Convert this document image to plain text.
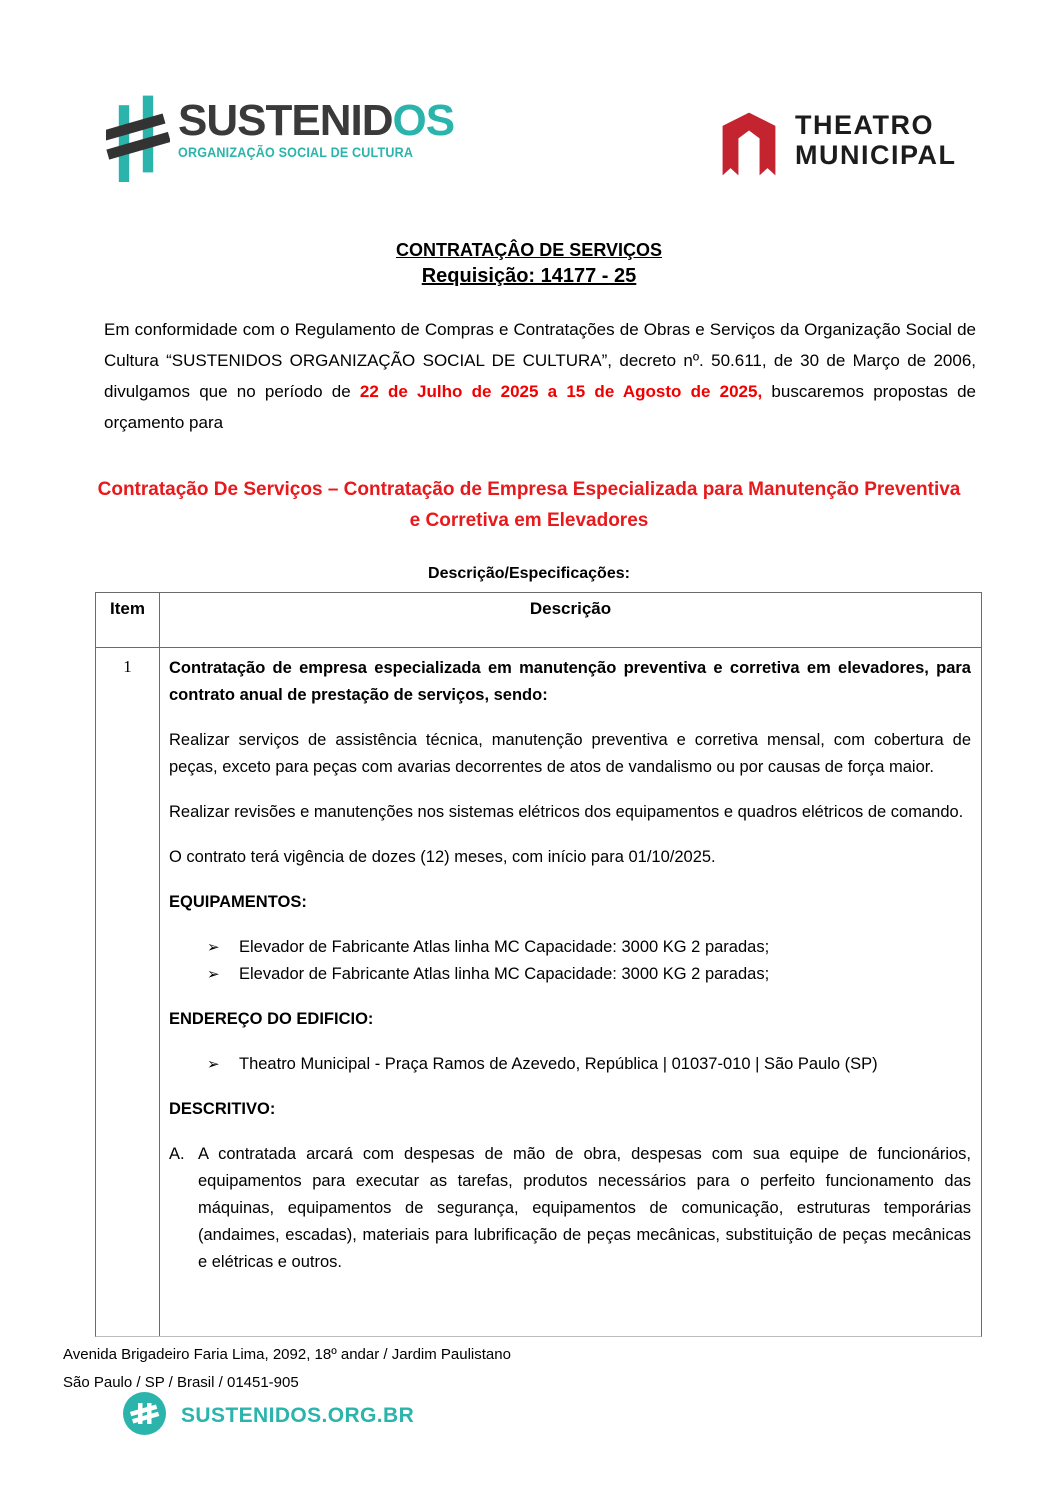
SUSTENIDOS
ORGANIZAÇÃO SOCIAL DE CULTURA
THEATRO
MUNICIPAL
CONTRATAÇÂO DE SERVIÇOS
Requisição: 14177 - 25

Em conformidade com o Regulamento de Compras e Contratações de Obras e Serviços da Organização Social de Cultura “SUSTENIDOS ORGANIZAÇÃO SOCIAL DE CULTURA”, decreto nº. 50.611, de 30 de Março de 2006, divulgamos que no período de 22 de Julho de 2025 a 15 de Agosto de 2025, buscaremos propostas de orçamento para

Contratação De Serviços – Contratação de Empresa Especializada para Manutenção Preventiva e Corretiva em Elevadores
Descrição/Especificações:
Item	Descrição
1	Contratação de empresa especializada em manutenção preventiva e corretiva em elevadores, para contrato anual de prestação de serviços, sendo:

Realizar serviços de assistência técnica, manutenção preventiva e corretiva mensal, com cobertura de peças, exceto para peças com avarias decorrentes de atos de vandalismo ou por causas de força maior.

Realizar revisões e manutenções nos sistemas elétricos dos equipamentos e quadros elétricos de comando.

O contrato terá vigência de dozes (12) meses, com início para 01/10/2025.

EQUIPAMENTOS:

➢	Elevador de Fabricante Atlas linha MC Capacidade: 3000 KG 2 paradas;
➢	Elevador de Fabricante Atlas linha MC Capacidade: 3000 KG 2 paradas;

ENDEREÇO DO EDIFICIO:

➢	Theatro Municipal - Praça Ramos de Azevedo, República | 01037-010 | São Paulo (SP)

DESCRITIVO:

A. A contratada arcará com despesas de mão de obra, despesas com sua equipe de funcionários, equipamentos para executar as tarefas, produtos necessários para o perfeito funcionamento das máquinas, equipamentos de segurança, equipamentos de comunicação, estruturas temporárias (andaimes, escadas), materiais para lubrificação de peças mecânicas, substituição de peças mecânicas e elétricas e outros.
Avenida Brigadeiro Faria Lima, 2092, 18º andar / Jardim Paulistano
São Paulo / SP / Brasil / 01451-905
SUSTENIDOS.ORG.BR
